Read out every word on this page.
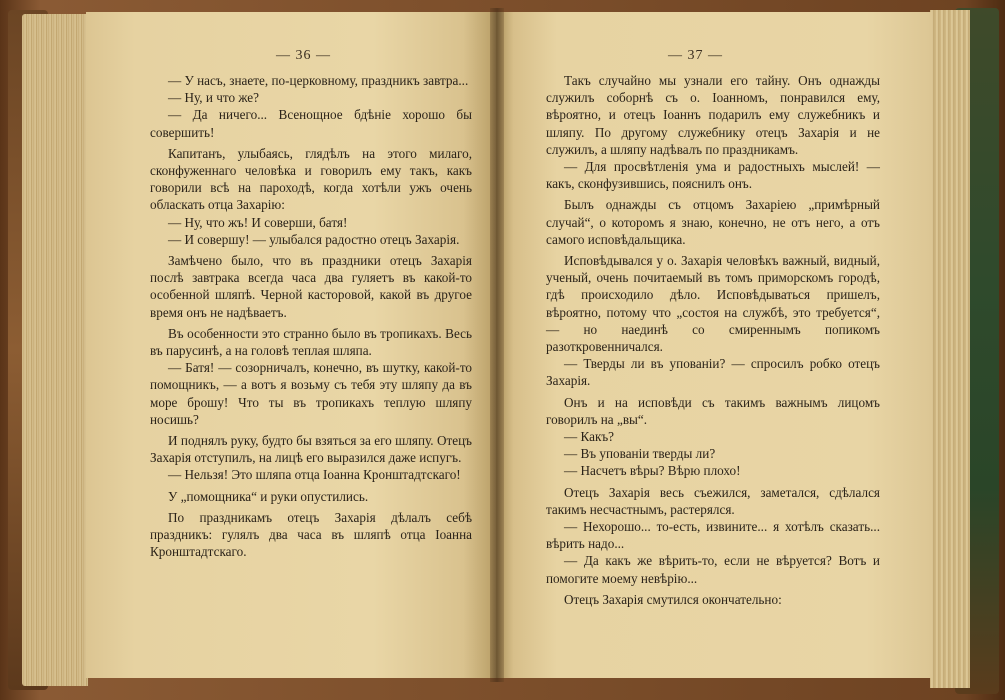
— 36 —

— У насъ, знаете, по-церковному, праздникъ завтра...

— Ну, и что же?

— Да ничего... Всенощное бдѣніе хорошо бы совершить!

Капитанъ, улыбаясь, глядѣлъ на этого милаго, сконфуженнаго человѣка и говорилъ ему такъ, какъ говорили всѣ на пароходѣ, когда хотѣли ужъ очень обласкать отца Захарію:

— Ну, что жъ! И соверши, батя!

— И совершу! — улыбался радостно отецъ Захарія.

Замѣчено было, что въ праздники отецъ Захарія послѣ завтрака всегда часа два гуляетъ въ какой-то особенной шляпѣ. Черной касторовой, какой въ другое время онъ не надѣваетъ.

Въ особенности это странно было въ тропикахъ. Весь въ парусинѣ, а на головѣ теплая шляпа.

— Батя! — созорничалъ, конечно, въ шутку, какой-то помощникъ, — а вотъ я возьму съ тебя эту шляпу да въ море брошу! Что ты въ тропикахъ теплую шляпу носишь?

И поднялъ руку, будто бы взяться за его шляпу. Отецъ Захарія отступилъ, на лицѣ его выразился даже испугъ.

— Нельзя! Это шляпа отца Іоанна Кронштадтскаго!

У „помощника“ и руки опустились.

По праздникамъ отецъ Захарія дѣлалъ себѣ праздникъ: гулялъ два часа въ шляпѣ отца Іоанна Кронштадтскаго.

— 37 —

Такъ случайно мы узнали его тайну. Онъ однажды служилъ соборнѣ съ о. Іоанномъ, понравился ему, вѣроятно, и отецъ Іоаннъ подарилъ ему служебникъ и шляпу. По другому служебнику отецъ Захарія и не служилъ, а шляпу надѣвалъ по праздникамъ.

— Для просвѣтленія ума и радостныхъ мыслей! — какъ, сконфузившись, пояснилъ онъ.

Былъ однажды съ отцомъ Захаріею „примѣрный случай“, о которомъ я знаю, конечно, не отъ него, а отъ самого исповѣдальщика.

Исповѣдывался у о. Захарія человѣкъ важный, видный, ученый, очень почитаемый въ томъ приморскомъ городѣ, гдѣ происходило дѣло. Исповѣдываться пришелъ, вѣроятно, потому что „состоя на службѣ, это требуется“, — но наединѣ со смиреннымъ попикомъ разоткровенничался.

— Тверды ли въ упованіи? — спросилъ робко отецъ Захарія.

Онъ и на исповѣди съ такимъ важнымъ лицомъ говорилъ на „вы“.

— Какъ?

— Въ упованіи тверды ли?

— Насчетъ вѣры? Вѣрю плохо!

Отецъ Захарія весь съежился, заметался, сдѣлался такимъ несчастнымъ, растерялся.

— Нехорошо... то-есть, извините... я хотѣлъ сказать... вѣрить надо...

— Да какъ же вѣрить-то, если не вѣруется? Вотъ и помогите моему невѣрію...

Отецъ Захарія смутился окончательно:
